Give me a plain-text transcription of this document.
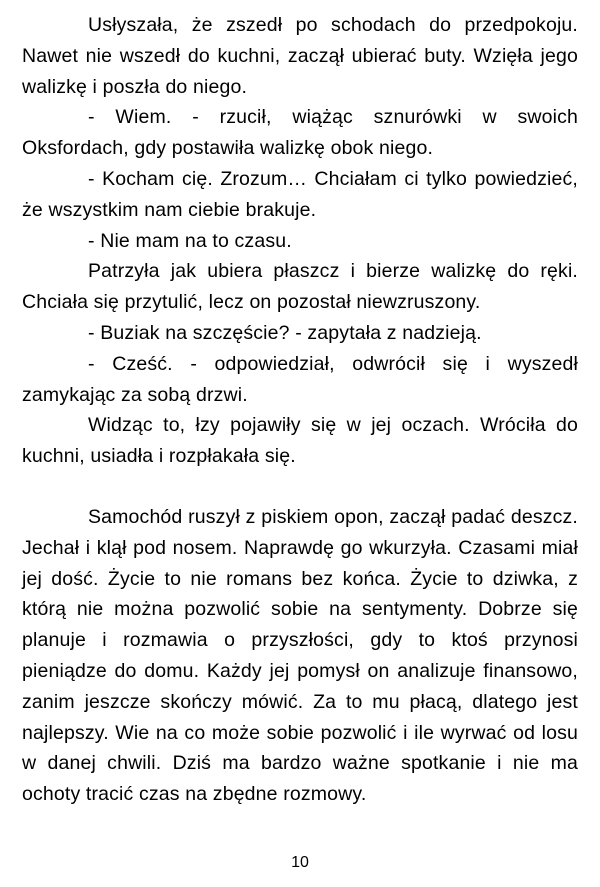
Usłyszała, że zszedł po schodach do przedpokoju. Nawet nie wszedł do kuchni, zaczął ubierać buty. Wzięła jego walizkę i poszła do niego.

- Wiem. - rzucił, wiążąc sznurówki w swoich Oksfordach, gdy postawiła walizkę obok niego.

- Kocham cię. Zrozum… Chciałam ci tylko powiedzieć, że wszystkim nam ciebie brakuje.

- Nie mam na to czasu.

Patrzyła jak ubiera płaszcz i bierze walizkę do ręki. Chciała się przytulić, lecz on pozostał niewzruszony.

- Buziak na szczęście? - zapytała z nadzieją.

- Cześć. - odpowiedział, odwrócił się i wyszedł zamykając za sobą drzwi.

Widząc to, łzy pojawiły się w jej oczach. Wróciła do kuchni, usiadła i rozpłakała się.

Samochód ruszył z piskiem opon, zaczął padać deszcz. Jechał i klął pod nosem. Naprawdę go wkurzyła. Czasami miał jej dość. Życie to nie romans bez końca. Życie to dziwka, z którą nie można pozwolić sobie na sentymenty. Dobrze się planuje i rozmawia o przyszłości, gdy to ktoś przynosi pieniądze do domu. Każdy jej pomysł on analizuje finansowo, zanim jeszcze skończy mówić. Za to mu płacą, dlatego jest najlepszy. Wie na co może sobie pozwolić i ile wyrwać od losu w danej chwili. Dziś ma bardzo ważne spotkanie i nie ma ochoty tracić czas na zbędne rozmowy.

10
